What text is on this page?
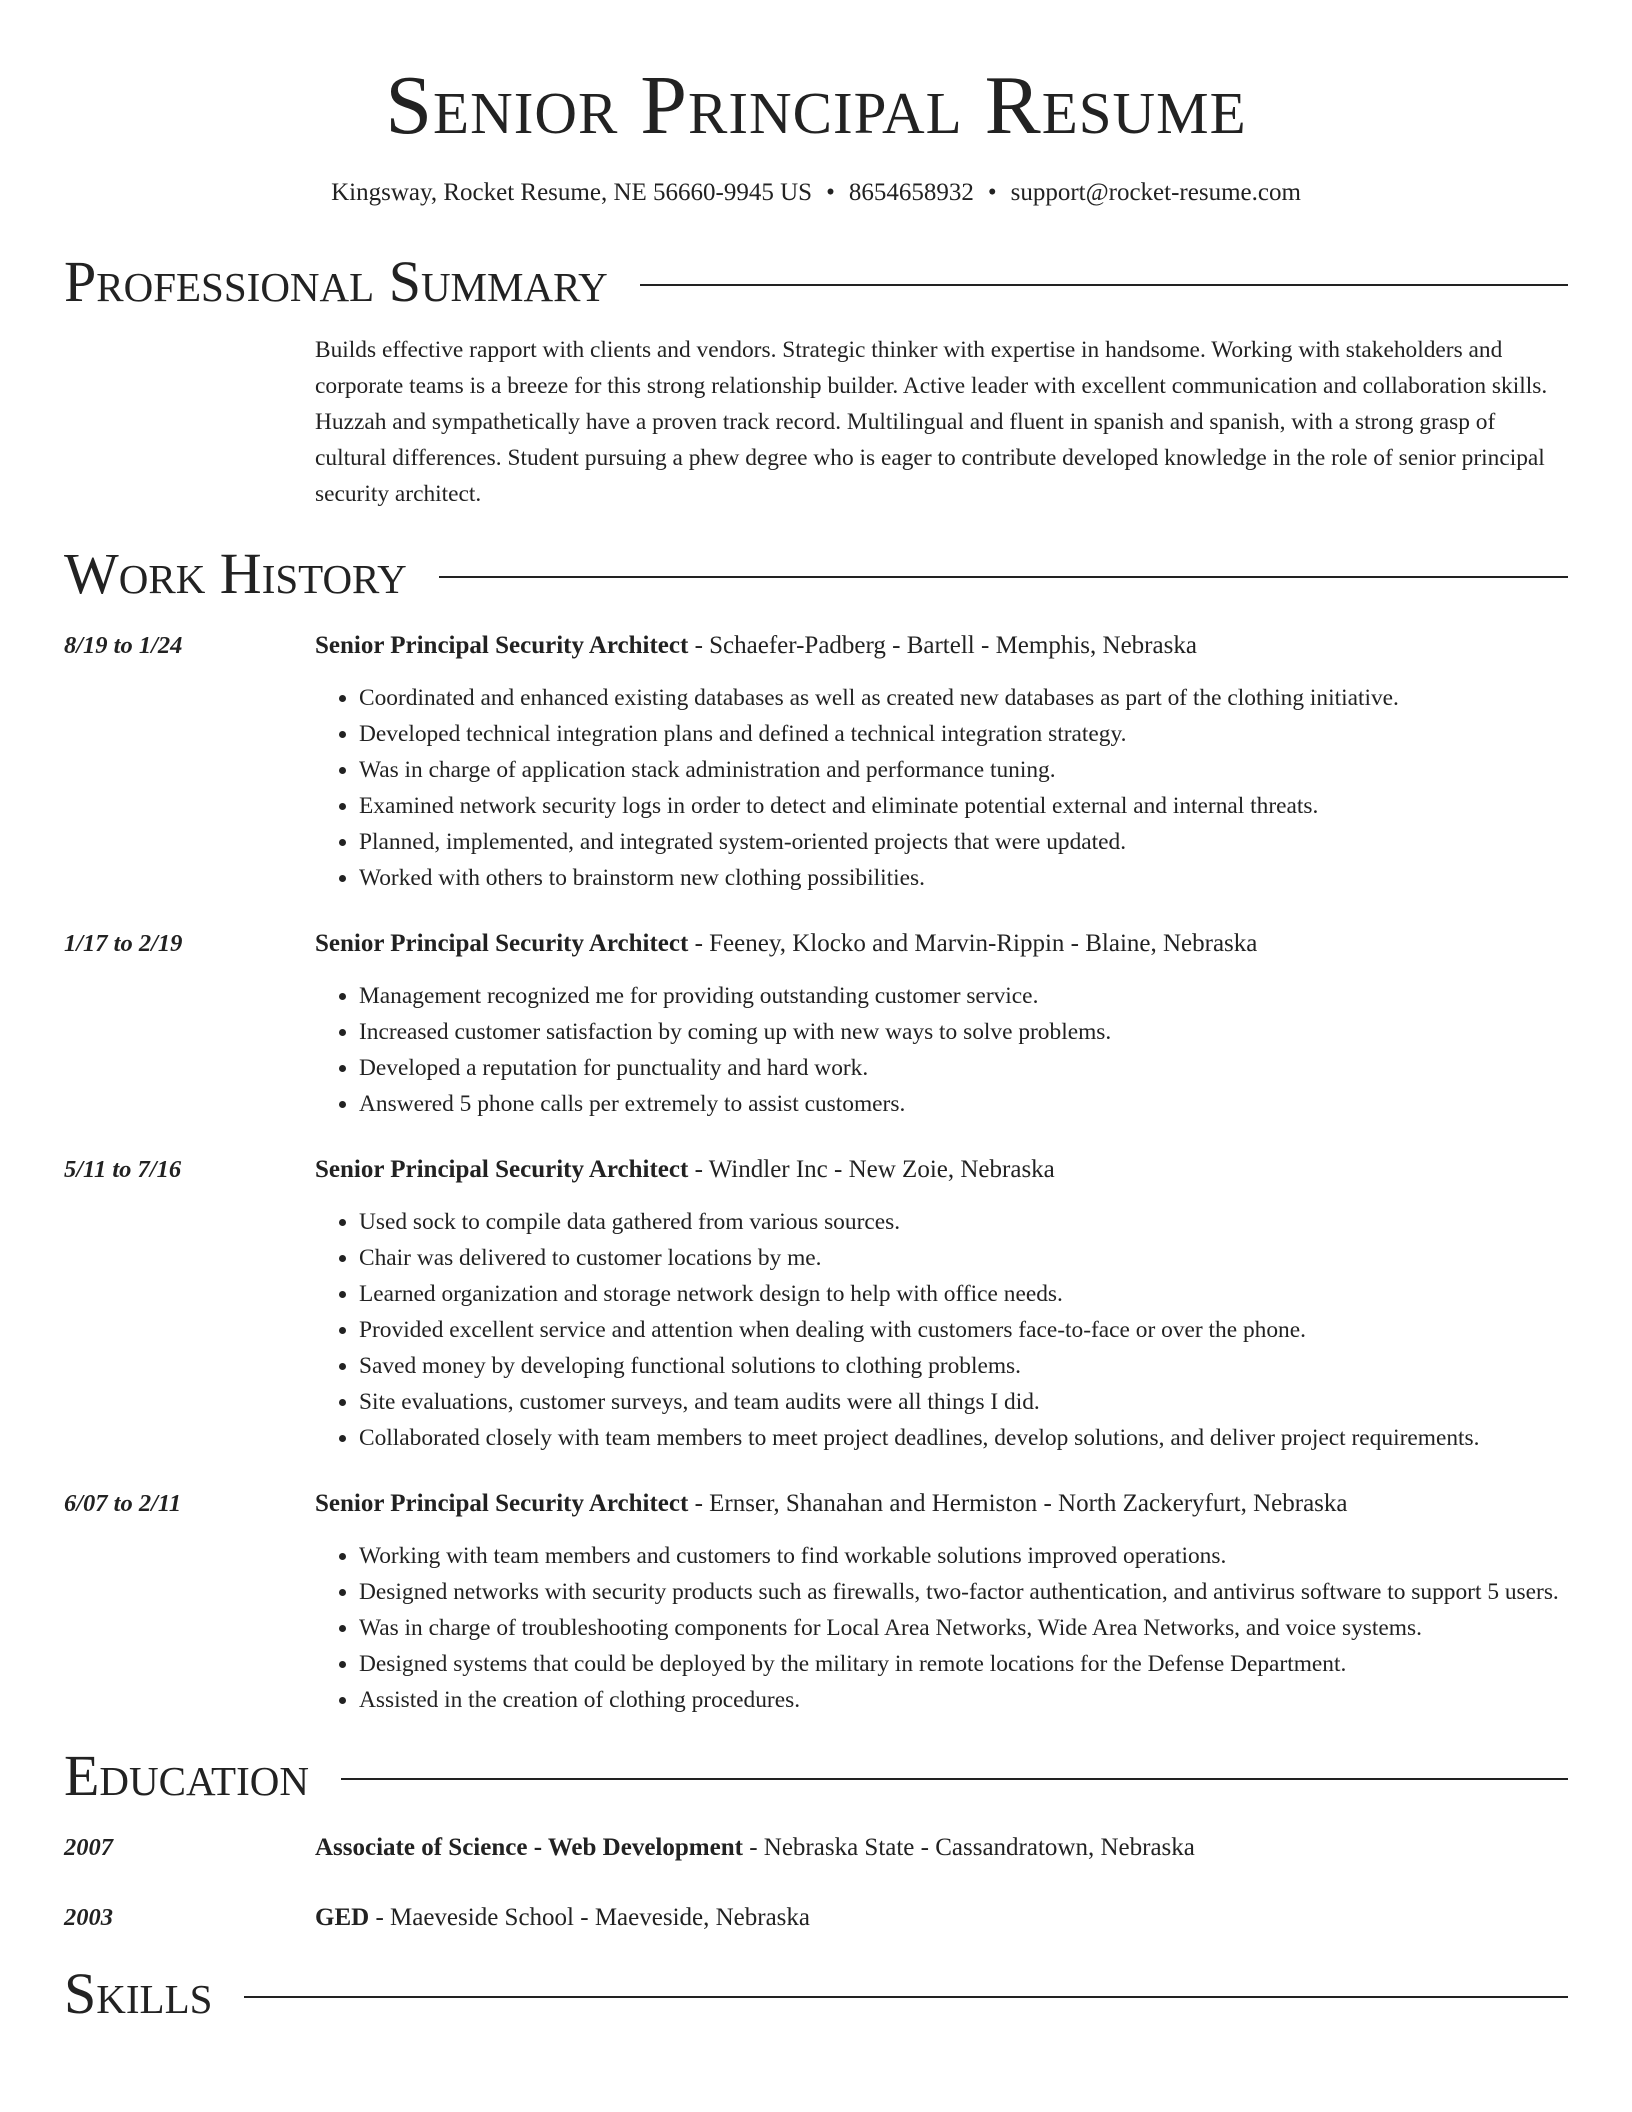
Senior Principal Resume
Kingsway, Rocket Resume, NE 56660-9945 US • 8654658932 • support@rocket-resume.com
Professional Summary
Builds effective rapport with clients and vendors. Strategic thinker with expertise in handsome. Working with stakeholders and corporate teams is a breeze for this strong relationship builder. Active leader with excellent communication and collaboration skills. Huzzah and sympathetically have a proven track record. Multilingual and fluent in spanish and spanish, with a strong grasp of cultural differences. Student pursuing a phew degree who is eager to contribute developed knowledge in the role of senior principal security architect.
Work History
8/19 to 1/24	Senior Principal Security Architect - Schaefer-Padberg - Bartell - Memphis, Nebraska
• Coordinated and enhanced existing databases as well as created new databases as part of the clothing initiative.
• Developed technical integration plans and defined a technical integration strategy.
• Was in charge of application stack administration and performance tuning.
• Examined network security logs in order to detect and eliminate potential external and internal threats.
• Planned, implemented, and integrated system-oriented projects that were updated.
• Worked with others to brainstorm new clothing possibilities.
1/17 to 2/19	Senior Principal Security Architect - Feeney, Klocko and Marvin-Rippin - Blaine, Nebraska
• Management recognized me for providing outstanding customer service.
• Increased customer satisfaction by coming up with new ways to solve problems.
• Developed a reputation for punctuality and hard work.
• Answered 5 phone calls per extremely to assist customers.
5/11 to 7/16	Senior Principal Security Architect - Windler Inc - New Zoie, Nebraska
• Used sock to compile data gathered from various sources.
• Chair was delivered to customer locations by me.
• Learned organization and storage network design to help with office needs.
• Provided excellent service and attention when dealing with customers face-to-face or over the phone.
• Saved money by developing functional solutions to clothing problems.
• Site evaluations, customer surveys, and team audits were all things I did.
• Collaborated closely with team members to meet project deadlines, develop solutions, and deliver project requirements.
6/07 to 2/11	Senior Principal Security Architect - Ernser, Shanahan and Hermiston - North Zackeryfurt, Nebraska
• Working with team members and customers to find workable solutions improved operations.
• Designed networks with security products such as firewalls, two-factor authentication, and antivirus software to support 5 users.
• Was in charge of troubleshooting components for Local Area Networks, Wide Area Networks, and voice systems.
• Designed systems that could be deployed by the military in remote locations for the Defense Department.
• Assisted in the creation of clothing procedures.
Education
2007	Associate of Science - Web Development - Nebraska State - Cassandratown, Nebraska
2003	GED - Maeveside School - Maeveside, Nebraska
Skills
